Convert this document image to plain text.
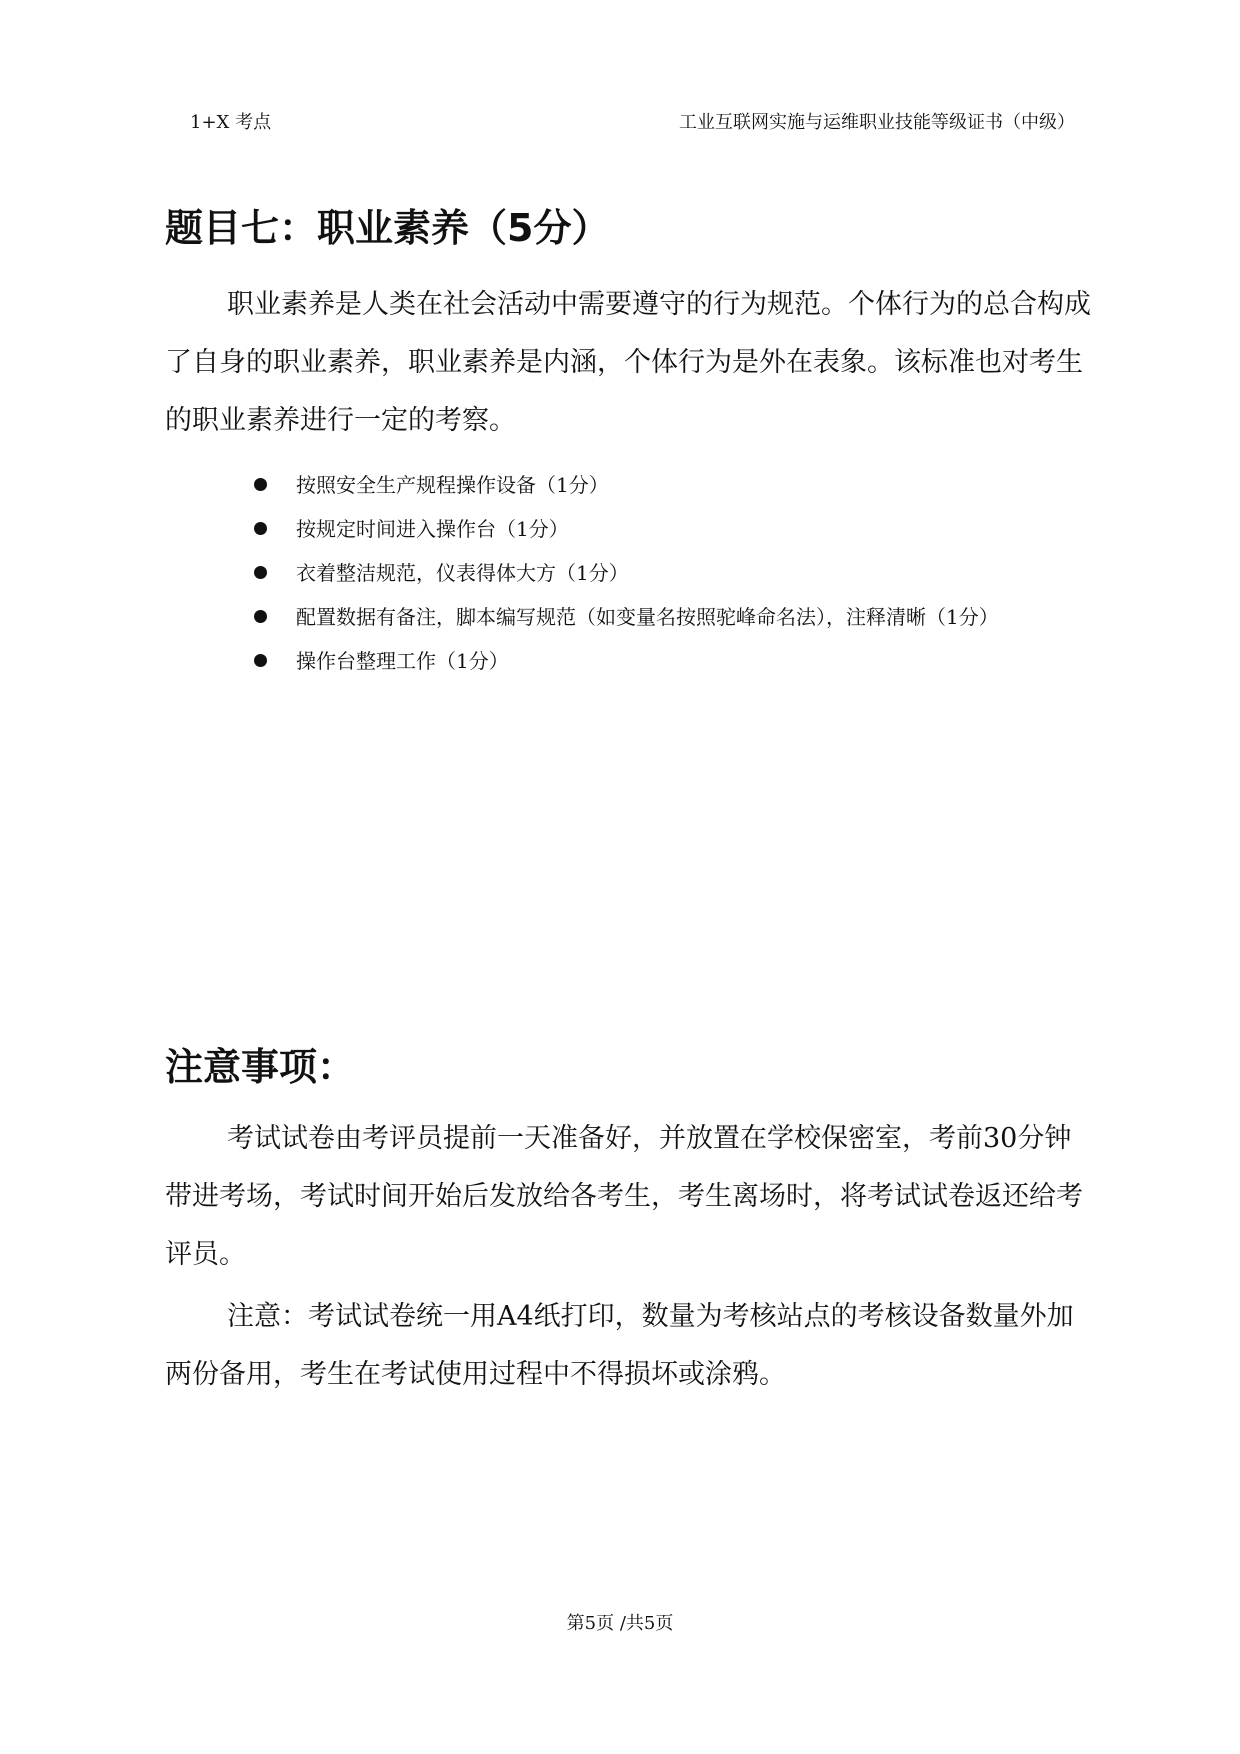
1+X 考点	工业互联网实施与运维职业技能等级证书（中级）
题目七：职业素养（5分）

职业素养是人类在社会活动中需要遵守的行为规范。个体行为的总合构成了自身的职业素养，职业素养是内涵，个体行为是外在表象。该标准也对考生的职业素养进行一定的考察。

按照安全生产规程操作设备（1分）
按规定时间进入操作台（1分）
衣着整洁规范，仪表得体大方（1分）
配置数据有备注，脚本编写规范（如变量名按照驼峰命名法），注释清晰（1分）
操作台整理工作（1分）
注意事项：

考试试卷由考评员提前一天准备好，并放置在学校保密室，考前30分钟带进考场，考试时间开始后发放给各考生，考生离场时，将考试试卷返还给考评员。

注意：考试试卷统一用A4纸打印，数量为考核站点的考核设备数量外加两份备用，考生在考试使用过程中不得损坏或涂鸦。

第5页 /共5页
